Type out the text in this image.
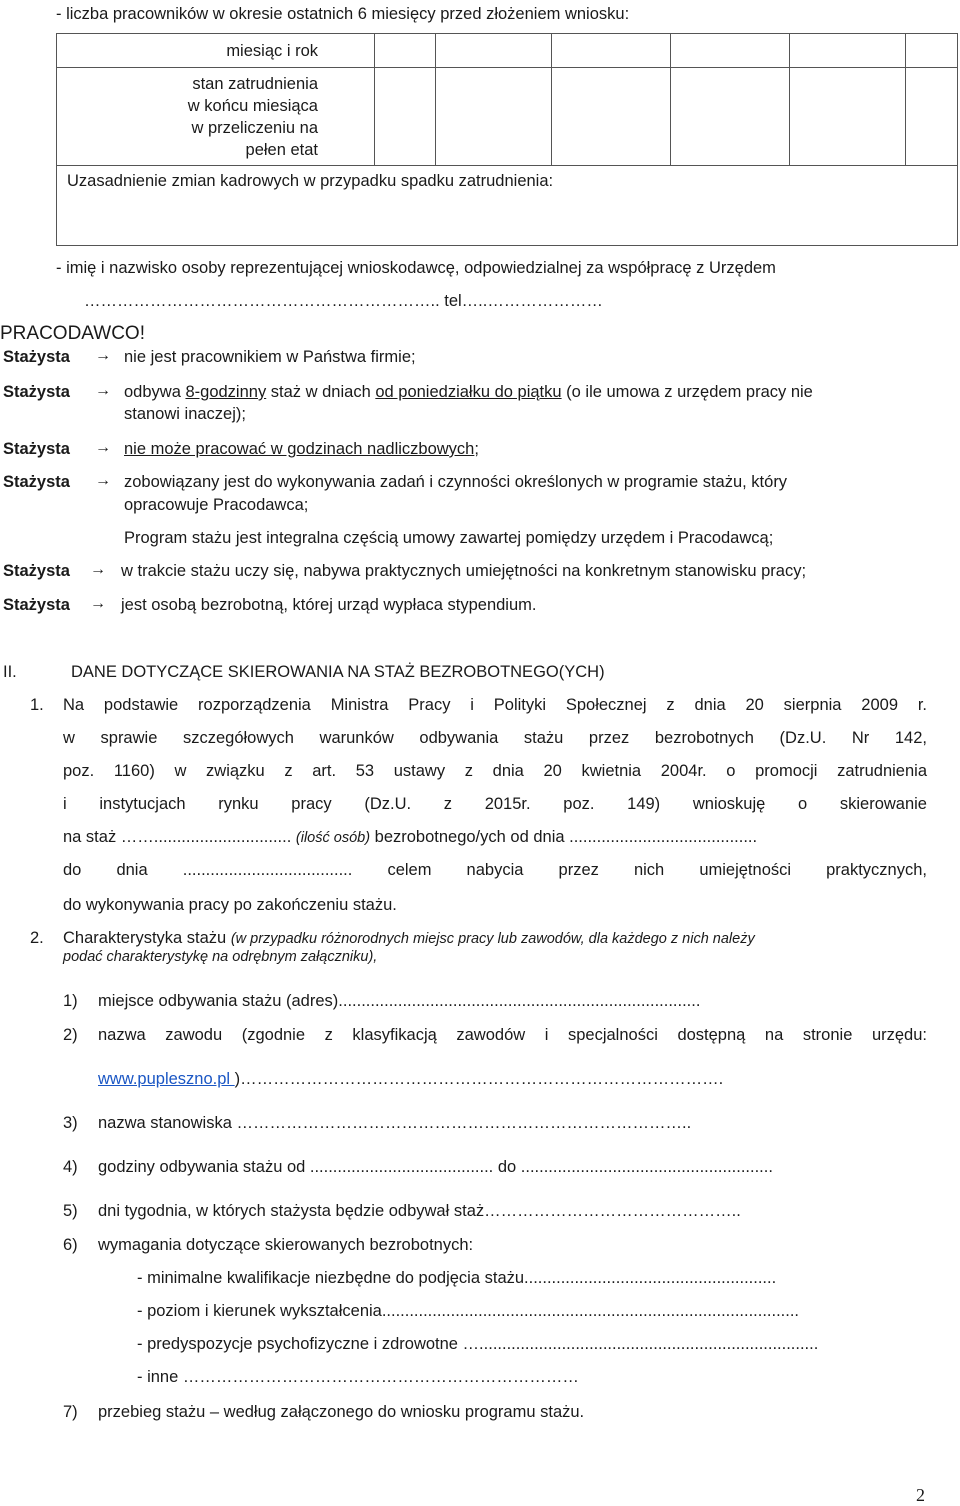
- liczba pracowników w okresie ostatnich 6 miesięcy przed złożeniem wniosku:
miesiąc i rok						

stan zatrudnienia
w końcu miesiąca
w przeliczeniu na
pełen etat						

Uzasadnienie zmian kadrowych w przypadku spadku zatrudnienia:						
- imię i nazwisko osoby reprezentującej wnioskodawcę, odpowiedzialnej za współpracę z Urzędem
……………………………………………………….. tel…..…………………
PRACODAWCO!
Stażysta → nie jest pracownikiem w Państwa firmie;
Stażysta → odbywa 8-godzinny staż w dniach od poniedziałku do piątku (o ile umowa z urzędem pracy nie
stanowi inaczej);
Stażysta → nie może pracować w godzinach nadliczbowych;
Stażysta → zobowiązany jest do wykonywania zadań i czynności określonych w programie stażu, który
opracowuje Pracodawca;
Program stażu jest integralna częścią umowy zawartej pomiędzy urzędem i Pracodawcą;
Stażysta → w trakcie stażu uczy się, nabywa praktycznych umiejętności na konkretnym stanowisku pracy;
Stażysta → jest osobą bezrobotną, której urząd wypłaca stypendium.
II.	DANE DOTYCZĄCE SKIEROWANIA NA STAŻ BEZROBOTNEGO(YCH)
1. Na podstawie rozporządzenia Ministra Pracy i Polityki Społecznej z dnia 20 sierpnia 2009 r.
w sprawie szczegółowych warunków odbywania stażu przez bezrobotnych (Dz.U. Nr 142,
poz. 1160) w związku z art. 53 ustawy z dnia 20 kwietnia 2004r. o promocji zatrudnienia
i instytucjach rynku pracy (Dz.U. z 2015r. poz. 149) wnioskuję o skierowanie
na staż …….............................. (ilość osób) bezrobotnego/ych od dnia .........................................
do dnia ..................................... celem nabycia przez nich umiejętności praktycznych,
do wykonywania pracy po zakończeniu stażu.
2. Charakterystyka stażu (w przypadku różnorodnych miejsc pracy lub zawodów, dla każdego z nich należy
podać charakterystykę na odrębnym załączniku),
1) miejsce odbywania stażu (adres)...............................................................................
2) nazwa zawodu (zgodnie z klasyfikacją zawodów i specjalności dostępną na stronie urzędu:
www.pupleszno.pl )…………………………………………………………………………….
3) nazwa stanowiska ………………………………………………………………………..
4) godziny odbywania stażu od ........................................ do .......................................................
5) dni tygodnia, w których stażysta będzie odbywał staż………………………………………..
6) wymagania dotyczące skierowanych bezrobotnych:
- minimalne kwalifikacje niezbędne do podjęcia stażu.......................................................
- poziom i kierunek wykształcenia...........................................................................................
- predyspozycje psychofizyczne i zdrowotne …..........................................................................
- inne ………………………………………………………………
7) przebieg stażu – według załączonego do wniosku programu stażu.
2
